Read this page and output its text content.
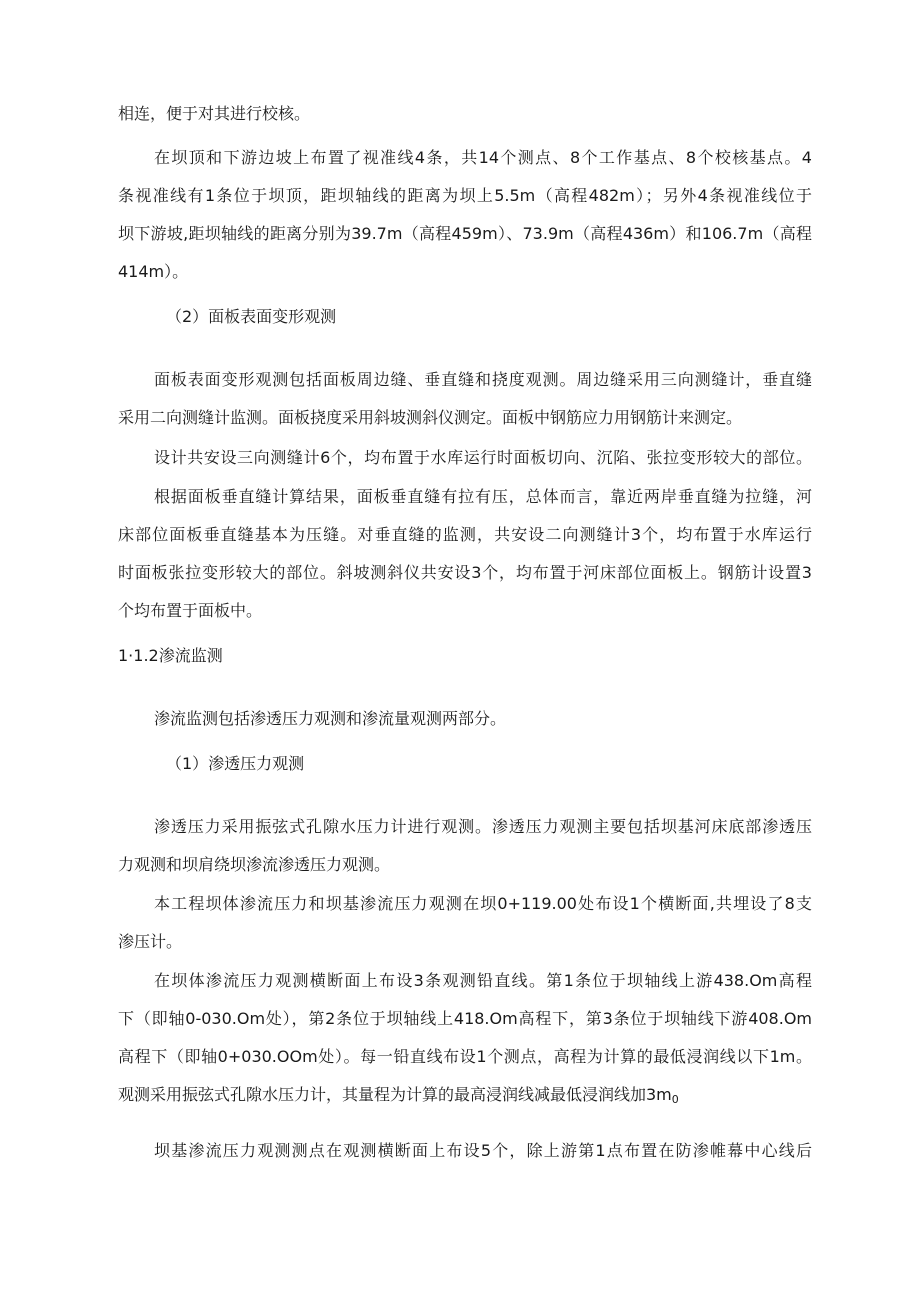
相连，便于对其进行校核。
在坝顶和下游边坡上布置了视准线4条，共14个测点、8个工作基点、8个校核基点。4
条视准线有1条位于坝顶，距坝轴线的距离为坝上5.5m（高程482m）；另外4条视准线位于
坝下游坡,距坝轴线的距离分别为39.7m（高程459m）、73.9m（高程436m）和106.7m（高程
414m）。
（2）面板表面变形观测
面板表面变形观测包括面板周边缝、垂直缝和挠度观测。周边缝采用三向测缝计，垂直缝
采用二向测缝计监测。面板挠度采用斜坡测斜仪测定。面板中钢筋应力用钢筋计来测定。
设计共安设三向测缝计6个，均布置于水库运行时面板切向、沉陷、张拉变形较大的部位。
根据面板垂直缝计算结果，面板垂直缝有拉有压，总体而言，靠近两岸垂直缝为拉缝，河
床部位面板垂直缝基本为压缝。对垂直缝的监测，共安设二向测缝计3个，均布置于水库运行
时面板张拉变形较大的部位。斜坡测斜仪共安设3个，均布置于河床部位面板上。钢筋计设置3
个均布置于面板中。
1·1.2渗流监测
渗流监测包括渗透压力观测和渗流量观测两部分。
（1）渗透压力观测
渗透压力采用振弦式孔隙水压力计进行观测。渗透压力观测主要包括坝基河床底部渗透压
力观测和坝肩绕坝渗流渗透压力观测。
本工程坝体渗流压力和坝基渗流压力观测在坝0+119.00处布设1个横断面,共埋设了8支
渗压计。
在坝体渗流压力观测横断面上布设3条观测铅直线。第1条位于坝轴线上游438.Om高程
下（即轴0-030.Om处），第2条位于坝轴线上418.Om高程下，第3条位于坝轴线下游408.Om
高程下（即轴0+030.OOm处）。每一铅直线布设1个测点，高程为计算的最低浸润线以下1m。
观测采用振弦式孔隙水压力计，其量程为计算的最高浸润线减最低浸润线加$3m_0$
坝基渗流压力观测测点在观测横断面上布设5个，除上游第1点布置在防渗帷幕中心线后
